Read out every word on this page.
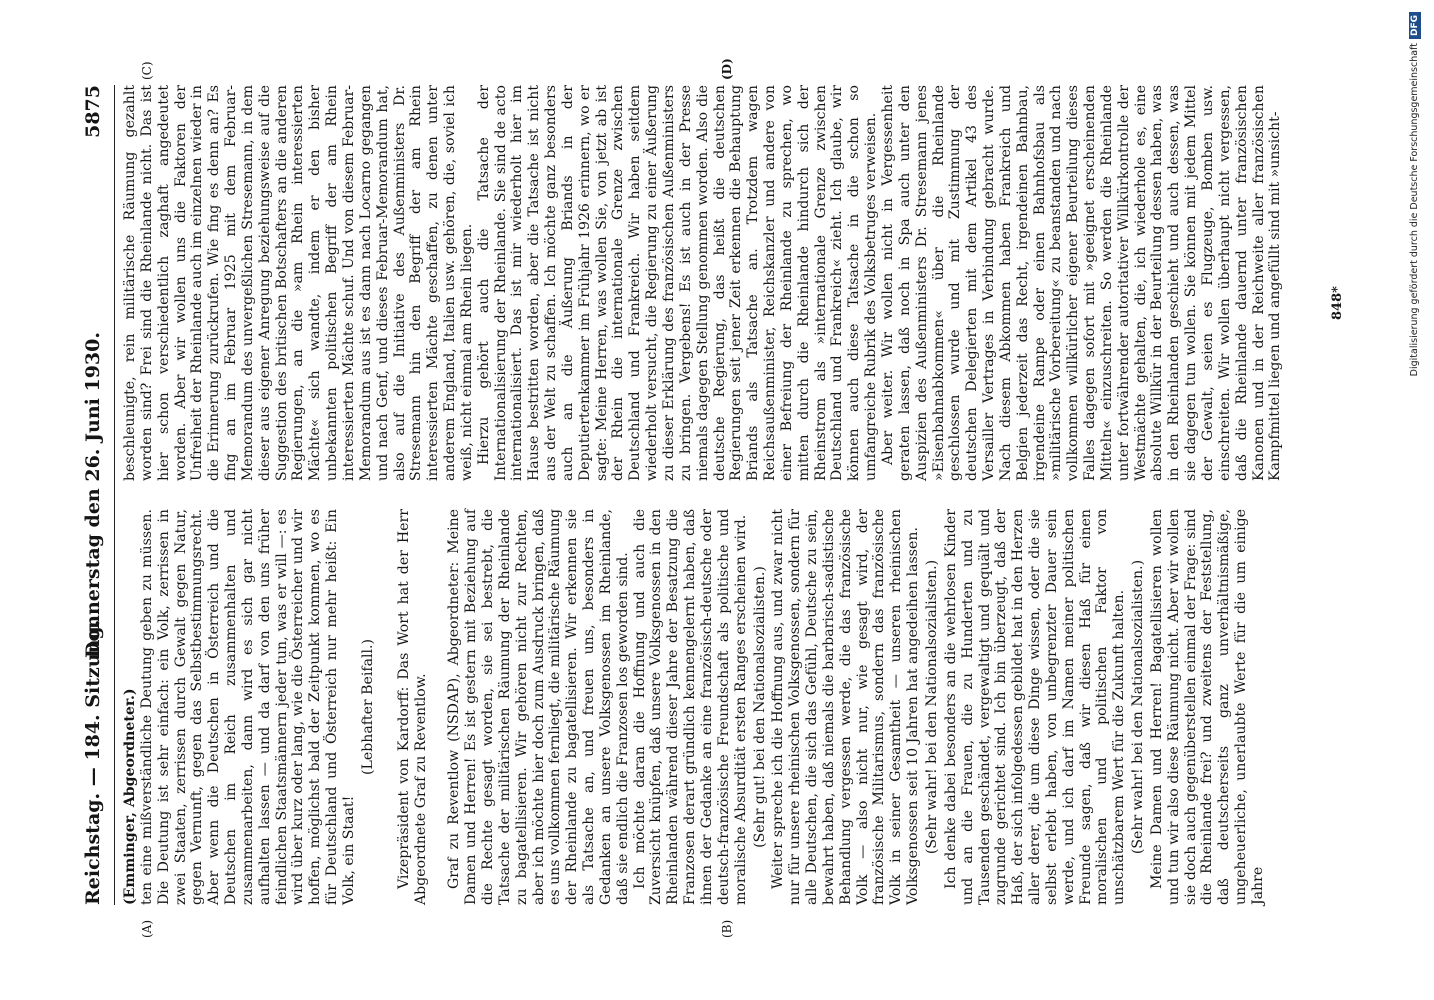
Reichstag. — 184. Sitzung.
Donnerstag den 26. Juni 1930.
5875
(A)	(B)
(C)	(D)

(Emminger, Abgeordneter.) ten eine mißverständliche Deutung geben zu müssen. Die Deutung ist sehr einfach: ein Volk, zerrissen in zwei Staaten, zerrissen durch Gewalt gegen Natur, gegen Vernunft, gegen das Selbstbestimmungsrecht. Aber wenn die Deutschen in Österreich und die Deutschen im Reich zusammenhalten und zusammenarbeiten, dann wird es sich gar nicht aufhalten lassen — und da darf von den uns früher feindlichen Staatsmännern jeder tun, was er will —: es wird über kurz oder lang, wie die Österreicher und wir hoffen, möglichst bald der Zeitpunkt kommen, wo es für Deutschland und Österreich nur mehr heißt: Ein Volk, ein Staat!

(Lebhafter Beifall.) Vizepräsident von Kardorff: Das Wort hat der Herr Abgeordnete Graf zu Reventlow. Graf zu Reventlow (NSDAP), Abgeordneter: Meine Damen und Herren! Es ist gestern mit Beziehung auf die Rechte gesagt worden, sie sei bestrebt, die Tatsache der militärischen Räumung der Rheinlande zu bagatellisieren. Wir gehören nicht zur Rechten, aber ich möchte hier doch zum Ausdruck bringen, daß es uns vollkommen fernliegt, die militärische Räumung der Rheinlande zu bagatellisieren. Wir erkennen sie als Tatsache an, und freuen uns, besonders in Gedanken an unsere Volksgenossen im Rheinlande, daß sie endlich die Franzosen los geworden sind. Ich möchte daran die Hoffnung und auch die Zuversicht knüpfen, daß unsere Volksgenossen in den Rheinlanden während dieser Jahre der Besatzung die Franzosen derart gründlich kennengelernt haben, daß ihnen der Gedanke an eine französisch-deutsche oder deutsch-französische Freundschaft als politische und moralische Absurdität ersten Ranges erscheinen wird. (Sehr gut! bei den Nationalsozialisten.) Weiter spreche ich die Hoffnung aus, und zwar nicht nur für unsere rheinischen Volksgenossen, sondern für alle Deutschen, die sich das Gefühl, Deutsche zu sein, bewahrt haben, daß niemals die barbarisch-sadistische Behandlung vergessen werde, die das französische Volk — also nicht nur, wie gesagt wird, der französische Militarismus, sondern das französische Volk in seiner Gesamtheit — unseren rheinischen Volksgenossen seit 10 Jahren hat angedeihen lassen. (Sehr wahr! bei den Nationalsozialisten.) Ich denke dabei besonders an die wehrlosen Kinder und an die Frauen, die zu Hunderten und zu Tausenden geschändet, vergewaltigt und gequält und zugrunde gerichtet sind. Ich bin überzeugt, daß der Haß, der sich infolgedessen gebildet hat in den Herzen aller derer, die um diese Dinge wissen, oder die sie selbst erlebt haben, von unbegrenzter Dauer sein werde, und ich darf im Namen meiner politischen Freunde sagen, daß wir diesen Haß für einen moralischen und politischen Faktor von unschätzbarem Wert für die Zukunft halten. (Sehr wahr! bei den Nationalsozialisten.) Meine Damen und Herren! Bagatellisieren wollen und tun wir also diese Räumung nicht. Aber wir wollen sie doch auch gegenüberstellen einmal der Frage: sind die Rheinlande frei? und zweitens der Feststellung, daß deutscherseits ganz unverhältnismäßige, ungeheuerliche, unerlaubte Werte für die um einige Jahre

beschleunigte, rein militärische Räumung gezahlt worden sind? Frei sind die Rheinlande nicht. Das ist hier schon verschiedentlich zaghaft angedeutet worden. Aber wir wollen uns die Faktoren der Unfreiheit der Rheinlande auch im einzelnen wieder in die Erinnerung zurückrufen. Wie fing es denn an? Es fing an im Februar 1925 mit dem Februar-Memorandum des unvergeßlichen Stresemann, in dem dieser aus eigener Anregung beziehungsweise auf die Suggestion des britischen Botschafters an die anderen Regierungen, an die »am Rhein interessierten Mächte« sich wandte, indem er den bisher unbekannten politischen Begriff der am Rhein interessierten Mächte schuf. Und von diesem Februar-Memorandum aus ist es dann nach Locarno gegangen und nach Genf, und dieses Februar-Memorandum hat, also auf die Initiative des Außenministers Dr. Stresemann hin den Begriff der am Rhein interessierten Mächte geschaffen, zu denen unter anderem England, Italien usw. gehören, die, soviel ich weiß, nicht einmal am Rhein liegen. Hierzu gehört auch die Tatsache der Internationalisierung der Rheinlande. Sie sind de acto internationalisiert. Das ist mir wiederholt hier im Hause bestritten worden, aber die Tatsache ist nicht aus der Welt zu schaffen. Ich möchte ganz besonders auch an die Äußerung Briands in der Deputiertenkammer im Frühjahr 1926 erinnern, wo er sagte: Meine Herren, was wollen Sie, von jetzt ab ist der Rhein die internationale Grenze zwischen Deutschland und Frankreich. Wir haben seitdem wiederholt versucht, die Regierung zu einer Äußerung zu dieser Erklärung des französischen Außenministers zu bringen. Vergebens! Es ist auch in der Presse niemals dagegen Stellung genommen worden. Also die deutsche Regierung, das heißt die deutschen Regierungen seit jener Zeit erkennen die Behauptung Briands als Tatsache an. Trotzdem wagen Reichsaußenminister, Reichskanzler und andere von einer Befreiung der Rheinlande zu sprechen, wo mitten durch die Rheinlande hindurch sich der Rheinstrom als »internationale Grenze zwischen Deutschland und Frankreich« zieht. Ich glaube, wir können auch diese Tatsache in die schon so umfangreiche Rubrik des Volksbetruges verweisen. Aber weiter. Wir wollen nicht in Vergessenheit geraten lassen, daß noch in Spa auch unter den Auspizien des Außenministers Dr. Stresemann jenes »Eisenbahnabkommen« über die Rheinlande geschlossen wurde und mit Zustimmung der deutschen Delegierten mit dem Artikel 43 des Versailler Vertrages in Verbindung gebracht wurde. Nach diesem Abkommen haben Frankreich und Belgien jederzeit das Recht, irgendeinen Bahnbau, irgendeine Rampe oder einen Bahnhofsbau als »militärische Vorbereitung« zu beanstanden und nach vollkommen willkürlicher eigener Beurteilung dieses Falles dagegen sofort mit »geeignet erscheinenden Mitteln« einzuschreiten. So werden die Rheinlande unter fortwährender autoritativer Willkürkontrolle der Westmächte gehalten, die, ich wiederhole es, eine absolute Willkür in der Beurteilung dessen haben, was in den Rheinlanden geschieht und auch dessen, was sie dagegen tun wollen. Sie können mit jedem Mittel der Gewalt, seien es Flugzeuge, Bomben usw. einschreiten. Wir wollen überhaupt nicht vergessen, daß die Rheinlande dauernd unter französischen Kanonen und in der Reichweite aller französischen Kampfmittel liegen und angefüllt sind mit »unsicht-	848*	Digitalisierung gefördert durch die Deutsche ForschungsgemeinschaftDFG
